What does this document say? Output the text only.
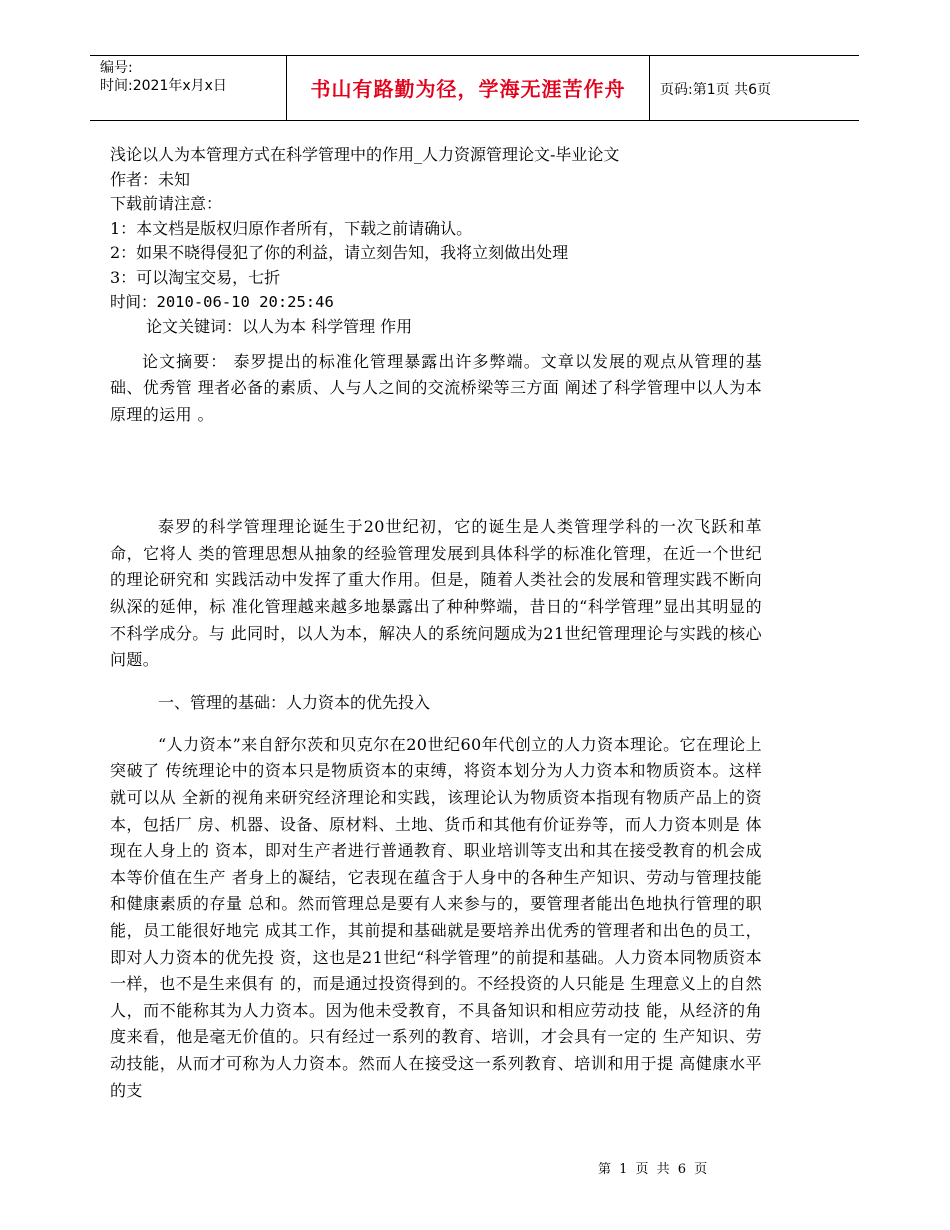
编号:
时间:2021年x月x日	书山有路勤为径，学海无涯苦作舟	页码:第1页 共6页
浅论以人为本管理方式在科学管理中的作用_人力资源管理论文-毕业论文
作者：未知
下载前请注意：
1：本文档是版权归原作者所有，下载之前请确认。
2：如果不晓得侵犯了你的利益，请立刻告知，我将立刻做出处理
3：可以淘宝交易，七折
时间：2010-06-10 20:25:46
论文关键词：以人为本 科学管理 作用
论文摘要： 泰罗提出的标准化管理暴露出许多弊端。文章以发展的观点从管理的基础、优秀管 理者必备的素质、人与人之间的交流桥梁等三方面 阐述了科学管理中以人为本原理的运用 。
泰罗的科学管理理论诞生于20世纪初，它的诞生是人类管理学科的一次飞跃和革命，它将人 类的管理思想从抽象的经验管理发展到具体科学的标准化管理，在近一个世纪的理论研究和 实践活动中发挥了重大作用。但是，随着人类社会的发展和管理实践不断向纵深的延伸，标 准化管理越来越多地暴露出了种种弊端，昔日的“科学管理”显出其明显的不科学成分。与 此同时，以人为本，解决人的系统问题成为21世纪管理理论与实践的核心问题。
一、管理的基础：人力资本的优先投入
“人力资本”来自舒尔茨和贝克尔在20世纪60年代创立的人力资本理论。它在理论上突破了 传统理论中的资本只是物质资本的束缚，将资本划分为人力资本和物质资本。这样就可以从 全新的视角来研究经济理论和实践，该理论认为物质资本指现有物质产品上的资本，包括厂 房、机器、设备、原材料、土地、货币和其他有价证券等，而人力资本则是 体现在人身上的 资本，即对生产者进行普通教育、职业培训等支出和其在接受教育的机会成本等价值在生产 者身上的凝结，它表现在蕴含于人身中的各种生产知识、劳动与管理技能和健康素质的存量 总和。然而管理总是要有人来参与的，要管理者能出色地执行管理的职能，员工能很好地完 成其工作，其前提和基础就是要培养出优秀的管理者和出色的员工，即对人力资本的优先投 资，这也是21世纪“科学管理”的前提和基础。人力资本同物质资本一样，也不是生来俱有 的，而是通过投资得到的。不经投资的人只能是 生理意义上的自然人，而不能称其为人力资本。因为他未受教育，不具备知识和相应劳动技 能，从经济的角度来看，他是毫无价值的。只有经过一系列的教育、培训，才会具有一定的 生产知识、劳动技能，从而才可称为人力资本。然而人在接受这一系列教育、培训和用于提 高健康水平的支
第 1 页 共 6 页
